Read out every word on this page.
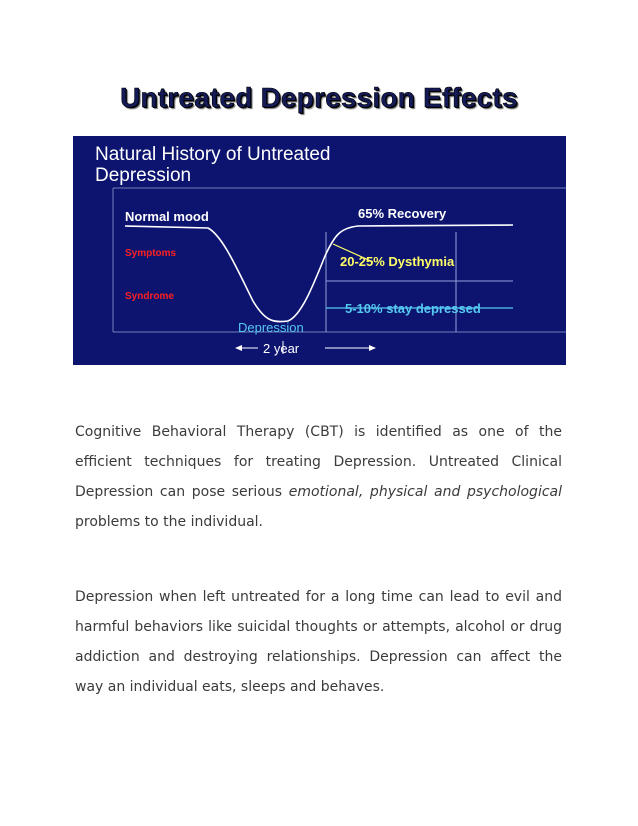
Untreated Depression Effects
Natural History of Untreated
Depression
Normal mood
Symptoms
Syndrome
Depression
65% Recovery
20-25% Dysthymia
5-10% stay depressed
2 year

Cognitive Behavioral Therapy (CBT) is identified as one of the efficient techniques for treating Depression. Untreated Clinical Depression can pose serious emotional, physical and psychological problems to the individual.

Depression when left untreated for a long time can lead to evil and harmful behaviors like suicidal thoughts or attempts, alcohol or drug addiction and destroying relationships. Depression can affect the way an individual eats, sleeps and behaves.
